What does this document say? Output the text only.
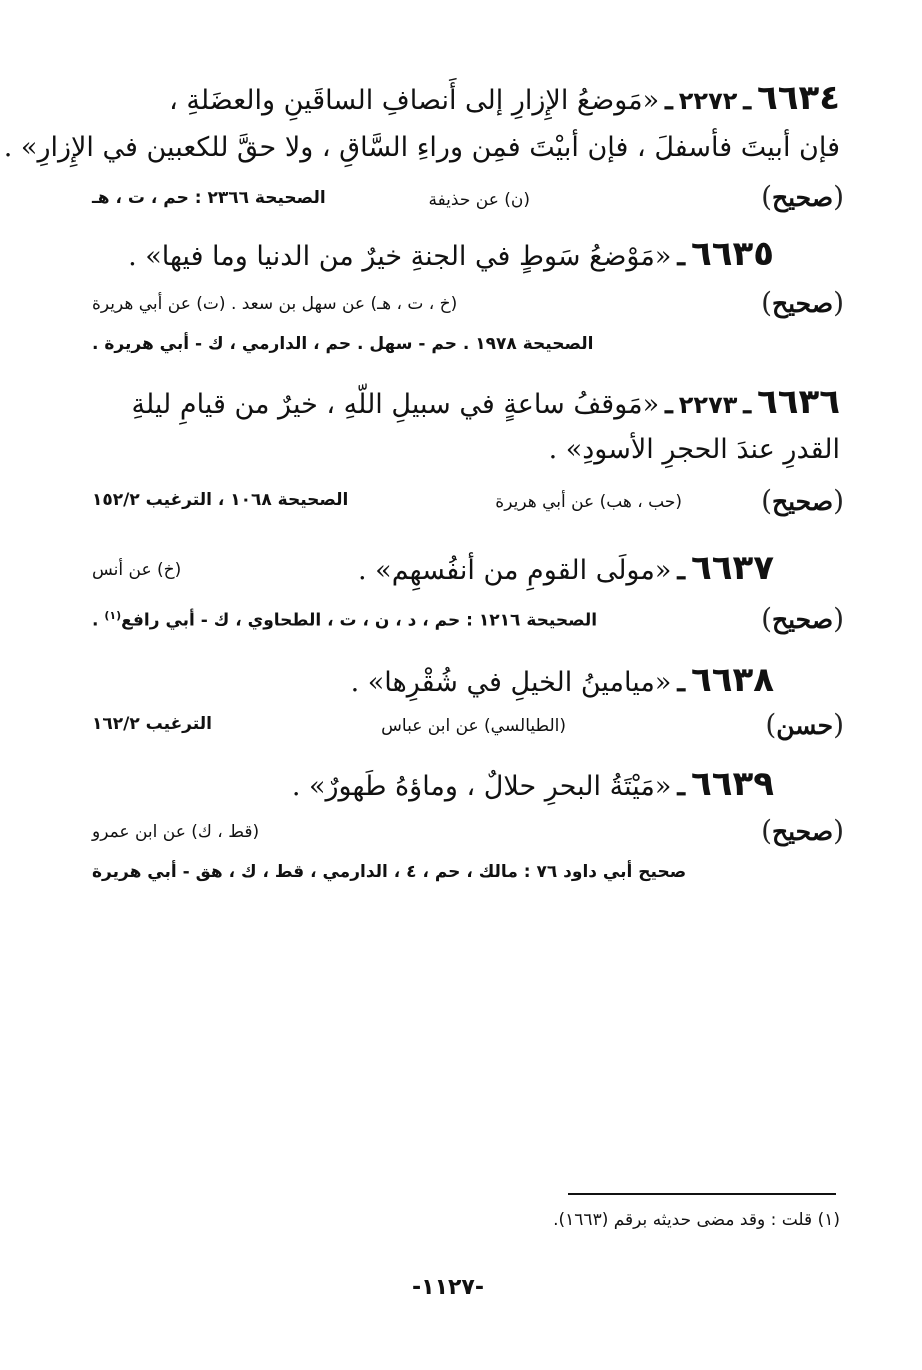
٦٦٣٤ـ٢٢٧٢ـ«مَوضعُ الإِزارِ إلى أَنصافِ الساقَينِ والعضَلةِ ،
فإن أبيتَ فأسفلَ ، فإن أبيْتَ فمِن وراءِ السَّاقِ ، ولا حقَّ للكعبين في الإِزارِ» .
(صحيح)
(ن) عن حذيفة
الصحيحة ٢٣٦٦ : حم ، ت ، هـ
٦٦٣٥ـ«مَوْضعُ سَوطٍ في الجنةِ خيرٌ من الدنيا وما فيها» .
(صحيح)
(خ ، ت ، هـ) عن سهل بن سعد . (ت) عن أبي هريرة
الصحيحة ١٩٧٨ . حم - سهل . حم ، الدارمي ، ك - أبي هريرة .
٦٦٣٦ـ٢٢٧٣ـ«مَوقفُ ساعةٍ في سبيلِ اللّهِ ، خيرٌ من قيامِ ليلةِ
القدرِ عندَ الحجرِ الأسودِ» .
(صحيح)
(حب ، هب) عن أبي هريرة
الصحيحة ١٠٦٨ ، الترغيب ١٥٢/٢
٦٦٣٧ـ«مولَى القومِ من أنفُسهِم» .
(خ) عن أنس
(صحيح)
الصحيحة ١٢١٦ : حم ، د ، ن ، ت ، الطحاوي ، ك - أبي رافع$^{(١)}$ .
٦٦٣٨ـ«ميامينُ الخيلِ في شُقْرِها» .
(حسن)
(الطيالسي) عن ابن عباس
الترغيب ١٦٢/٢
٦٦٣٩ـ«مَيْتَةُ البحرِ حلالٌ ، وماؤهُ طَهورٌ» .
(صحيح)
(قط ، ك) عن ابن عمرو
صحيح أبي داود ٧٦ : مالك ، حم ، ٤ ، الدارمي ، قط ، ك ، هق - أبي هريرة
(١) قلت : وقد مضى حديثه برقم (١٦٦٣).
-١١٢٧-
